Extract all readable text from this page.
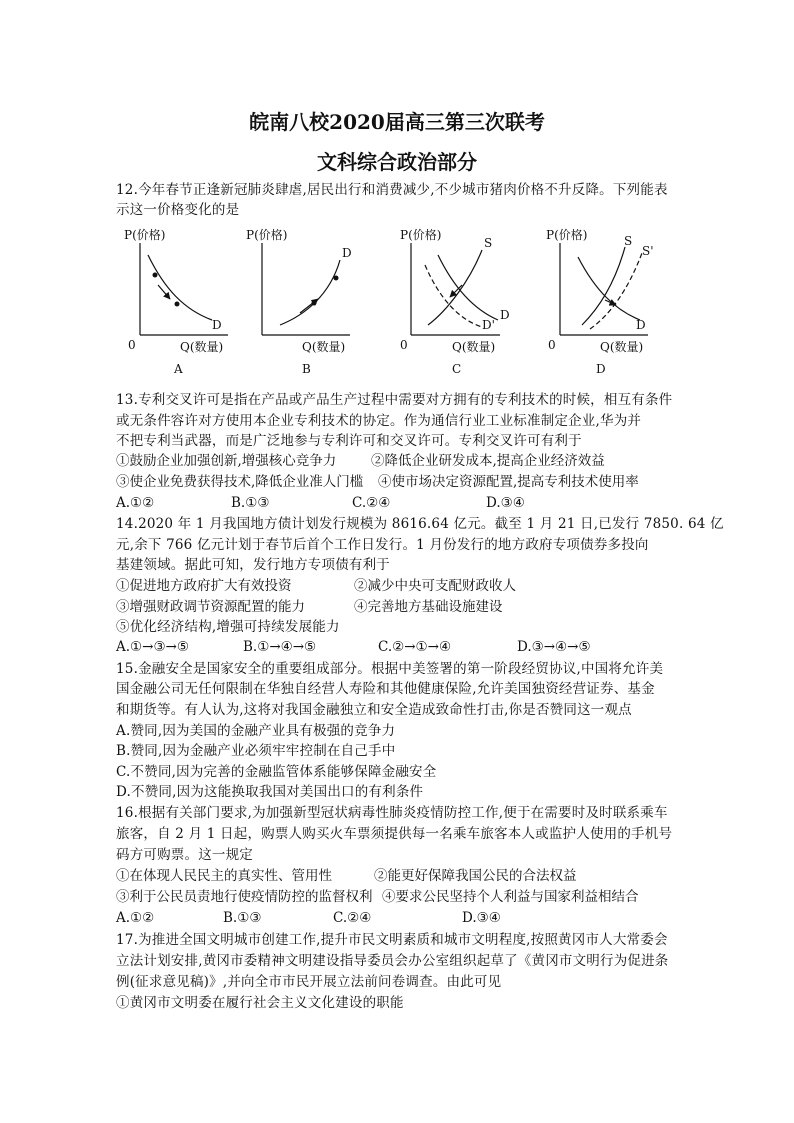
皖南八校2020届高三第三次联考
文科综合政治部分
12.今年春节正逢新冠肺炎肆虐,居民出行和消费减少,不少城市猪肉价格不升反降。下列能表
示这一价格变化的是
P(价格)
0	Q(数量)
D
A
P(价格)
Q(数量)
D
B
P(价格)
0	Q(数量)
S
D
D'
C
P(价格)
0	Q(数量)
S
S'
D
D
13.专利交叉许可是指在产品或产品生产过程中需要对方拥有的专利技术的时候，相互有条件
或无条件容许对方使用本企业专利技术的协定。作为通信行业工业标准制定企业,华为并
不把专利当武器，而是广泛地参与专利许可和交叉许可。专利交叉许可有利于
①鼓励企业加强创新,增强核心竞争力	②降低企业研发成本,提高企业经济效益
③使企业免费获得技术,降低企业准人门槛 ④使市场决定资源配置,提高专利技术使用率
A.①②	B.①③	C.②④	D.③④
14.2020 年 1 月我国地方债计划发行规模为 8616.64 亿元。截至 1 月 21 日,已发行 7850. 64 亿
元,余下 766 亿元计划于春节后首个工作日发行。1 月份发行的地方政府专项债券多投向
基建领域。据此可知，发行地方专项债有利于
①促进地方政府扩大有效投资	②减少中央可支配财政收人
③增强财政调节资源配置的能力	④完善地方基础设施建设
⑤优化经济结构,增强可持续发展能力
A.①→③→⑤	B.①→④→⑤	C.②→①→④	D.③→④→⑤
15.金融安全是国家安全的重要组成部分。根据中美签署的第一阶段经贸协议,中国将允许美
国金融公司无任何限制在华独自经营人寿险和其他健康保险,允许美国独资经营证券、基金
和期货等。有人认为,这将对我国金融独立和安全造成致命性打击,你是否赞同这一观点
A.赞同,因为美国的金融产业具有极强的竞争力
B.赞同,因为金融产业必须牢牢控制在自己手中
C.不赞同,因为完善的金融监管体系能够保障金融安全
D.不赞同,因为这能换取我国对美国出口的有利条件
16.根据有关部门要求,为加强新型冠状病毒性肺炎疫情防控工作,便于在需要时及时联系乘车
旅客，自 2 月 1 日起，购票人购买火车票须提供每一名乘车旅客本人或监护人使用的手机号
码方可购票。这一规定
①在体现人民民主的真实性、管用性	②能更好保障我国公民的合法权益
③利于公民员责地行使疫情防控的监督权利 ④要求公民坚持个人利益与国家利益相结合
A.①②	B.①③	C.②④	D.③④
17.为推进全国文明城市创建工作,提升市民文明素质和城市文明程度,按照黄冈市人大常委会
立法计划安排,黄冈市委精神文明建设指导委员会办公室组织起草了《黄冈市文明行为促进条
例(征求意见稿)》,并向全市市民开展立法前问卷调查。由此可见
①黄冈市文明委在履行社会主义文化建设的职能
